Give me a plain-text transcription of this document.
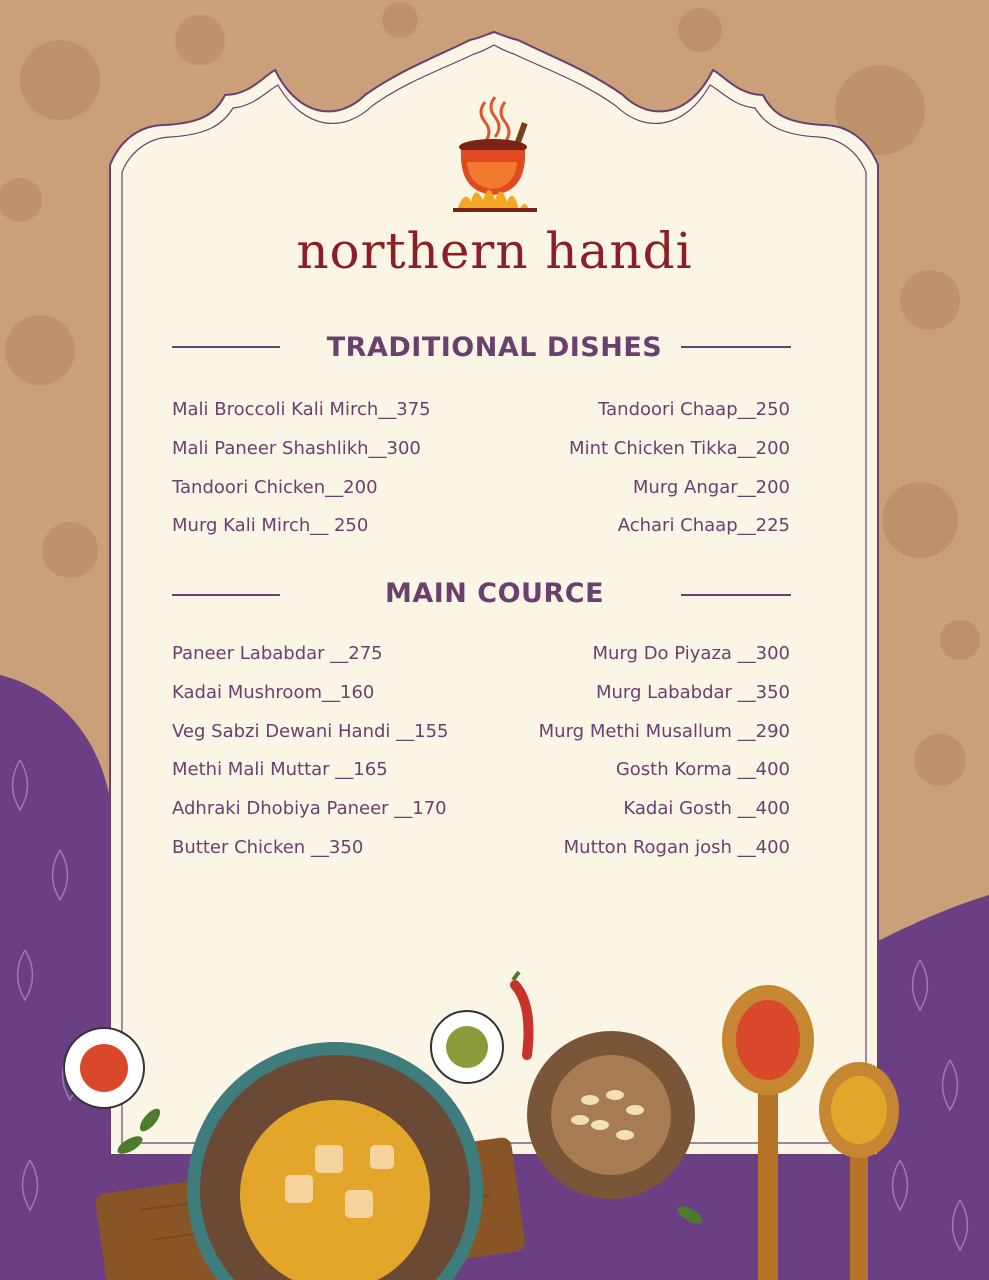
northern handi
TRADITIONAL DISHES
Mali Broccoli Kali Mirch__375
Mali Paneer Shashlikh__300
Tandoori Chicken__200
Murg Kali Mirch__ 250
Tandoori Chaap__250
Mint Chicken Tikka__200
Murg Angar__200
Achari Chaap__225
MAIN COURCE
Paneer Lababdar __275
Kadai Mushroom__160
Veg Sabzi Dewani Handi __155
Methi Mali Muttar __165
Adhraki Dhobiya Paneer __170
Butter Chicken __350
Murg Do Piyaza __300
Murg Lababdar __350
Murg Methi Musallum __290
Gosth Korma __400
Kadai Gosth __400
Mutton Rogan josh __400
